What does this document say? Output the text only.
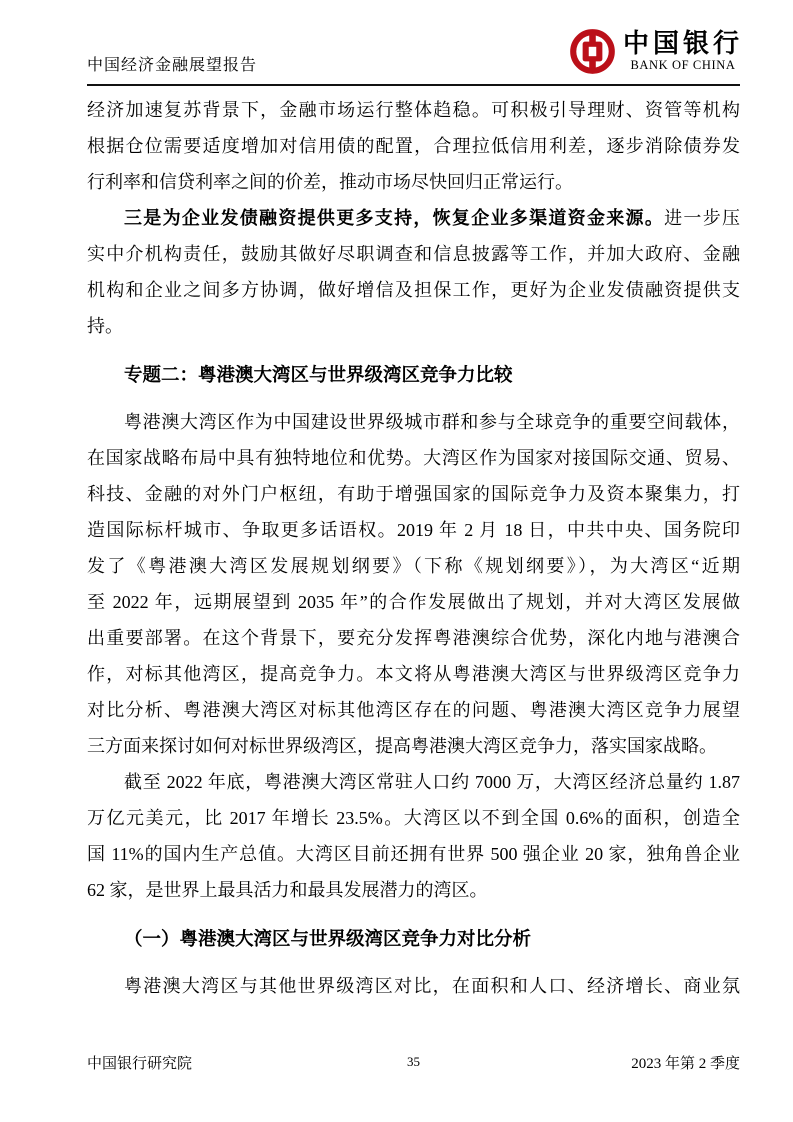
中国经济金融展望报告
中国银行
BANK OF CHINA
经济加速复苏背景下，金融市场运行整体趋稳。可积极引导理财、资管等机构
根据仓位需要适度增加对信用债的配置，合理拉低信用利差，逐步消除债券发
行利率和信贷利率之间的价差，推动市场尽快回归正常运行。
三是为企业发债融资提供更多支持，恢复企业多渠道资金来源。进一步压
实中介机构责任，鼓励其做好尽职调查和信息披露等工作，并加大政府、金融
机构和企业之间多方协调，做好增信及担保工作，更好为企业发债融资提供支
持。
专题二：粤港澳大湾区与世界级湾区竞争力比较
粤港澳大湾区作为中国建设世界级城市群和参与全球竞争的重要空间载体，
在国家战略布局中具有独特地位和优势。大湾区作为国家对接国际交通、贸易、
科技、金融的对外门户枢纽，有助于增强国家的国际竞争力及资本聚集力，打
造国际标杆城市、争取更多话语权。2019 年 2 月 18 日，中共中央、国务院印
发了《粤港澳大湾区发展规划纲要》（下称《规划纲要》），为大湾区“近期
至 2022 年，远期展望到 2035 年”的合作发展做出了规划，并对大湾区发展做
出重要部署。在这个背景下，要充分发挥粤港澳综合优势，深化内地与港澳合
作，对标其他湾区，提高竞争力。本文将从粤港澳大湾区与世界级湾区竞争力
对比分析、粤港澳大湾区对标其他湾区存在的问题、粤港澳大湾区竞争力展望
三方面来探讨如何对标世界级湾区，提高粤港澳大湾区竞争力，落实国家战略。
截至 2022 年底，粤港澳大湾区常驻人口约 7000 万，大湾区经济总量约 1.87
万亿元美元，比 2017 年增长 23.5%。大湾区以不到全国 0.6%的面积，创造全
国 11%的国内生产总值。大湾区目前还拥有世界 500 强企业 20 家，独角兽企业
62 家，是世界上最具活力和最具发展潜力的湾区。
（一）粤港澳大湾区与世界级湾区竞争力对比分析
粤港澳大湾区与其他世界级湾区对比，在面积和人口、经济增长、商业氛
中国银行研究院	35	2023 年第 2 季度
